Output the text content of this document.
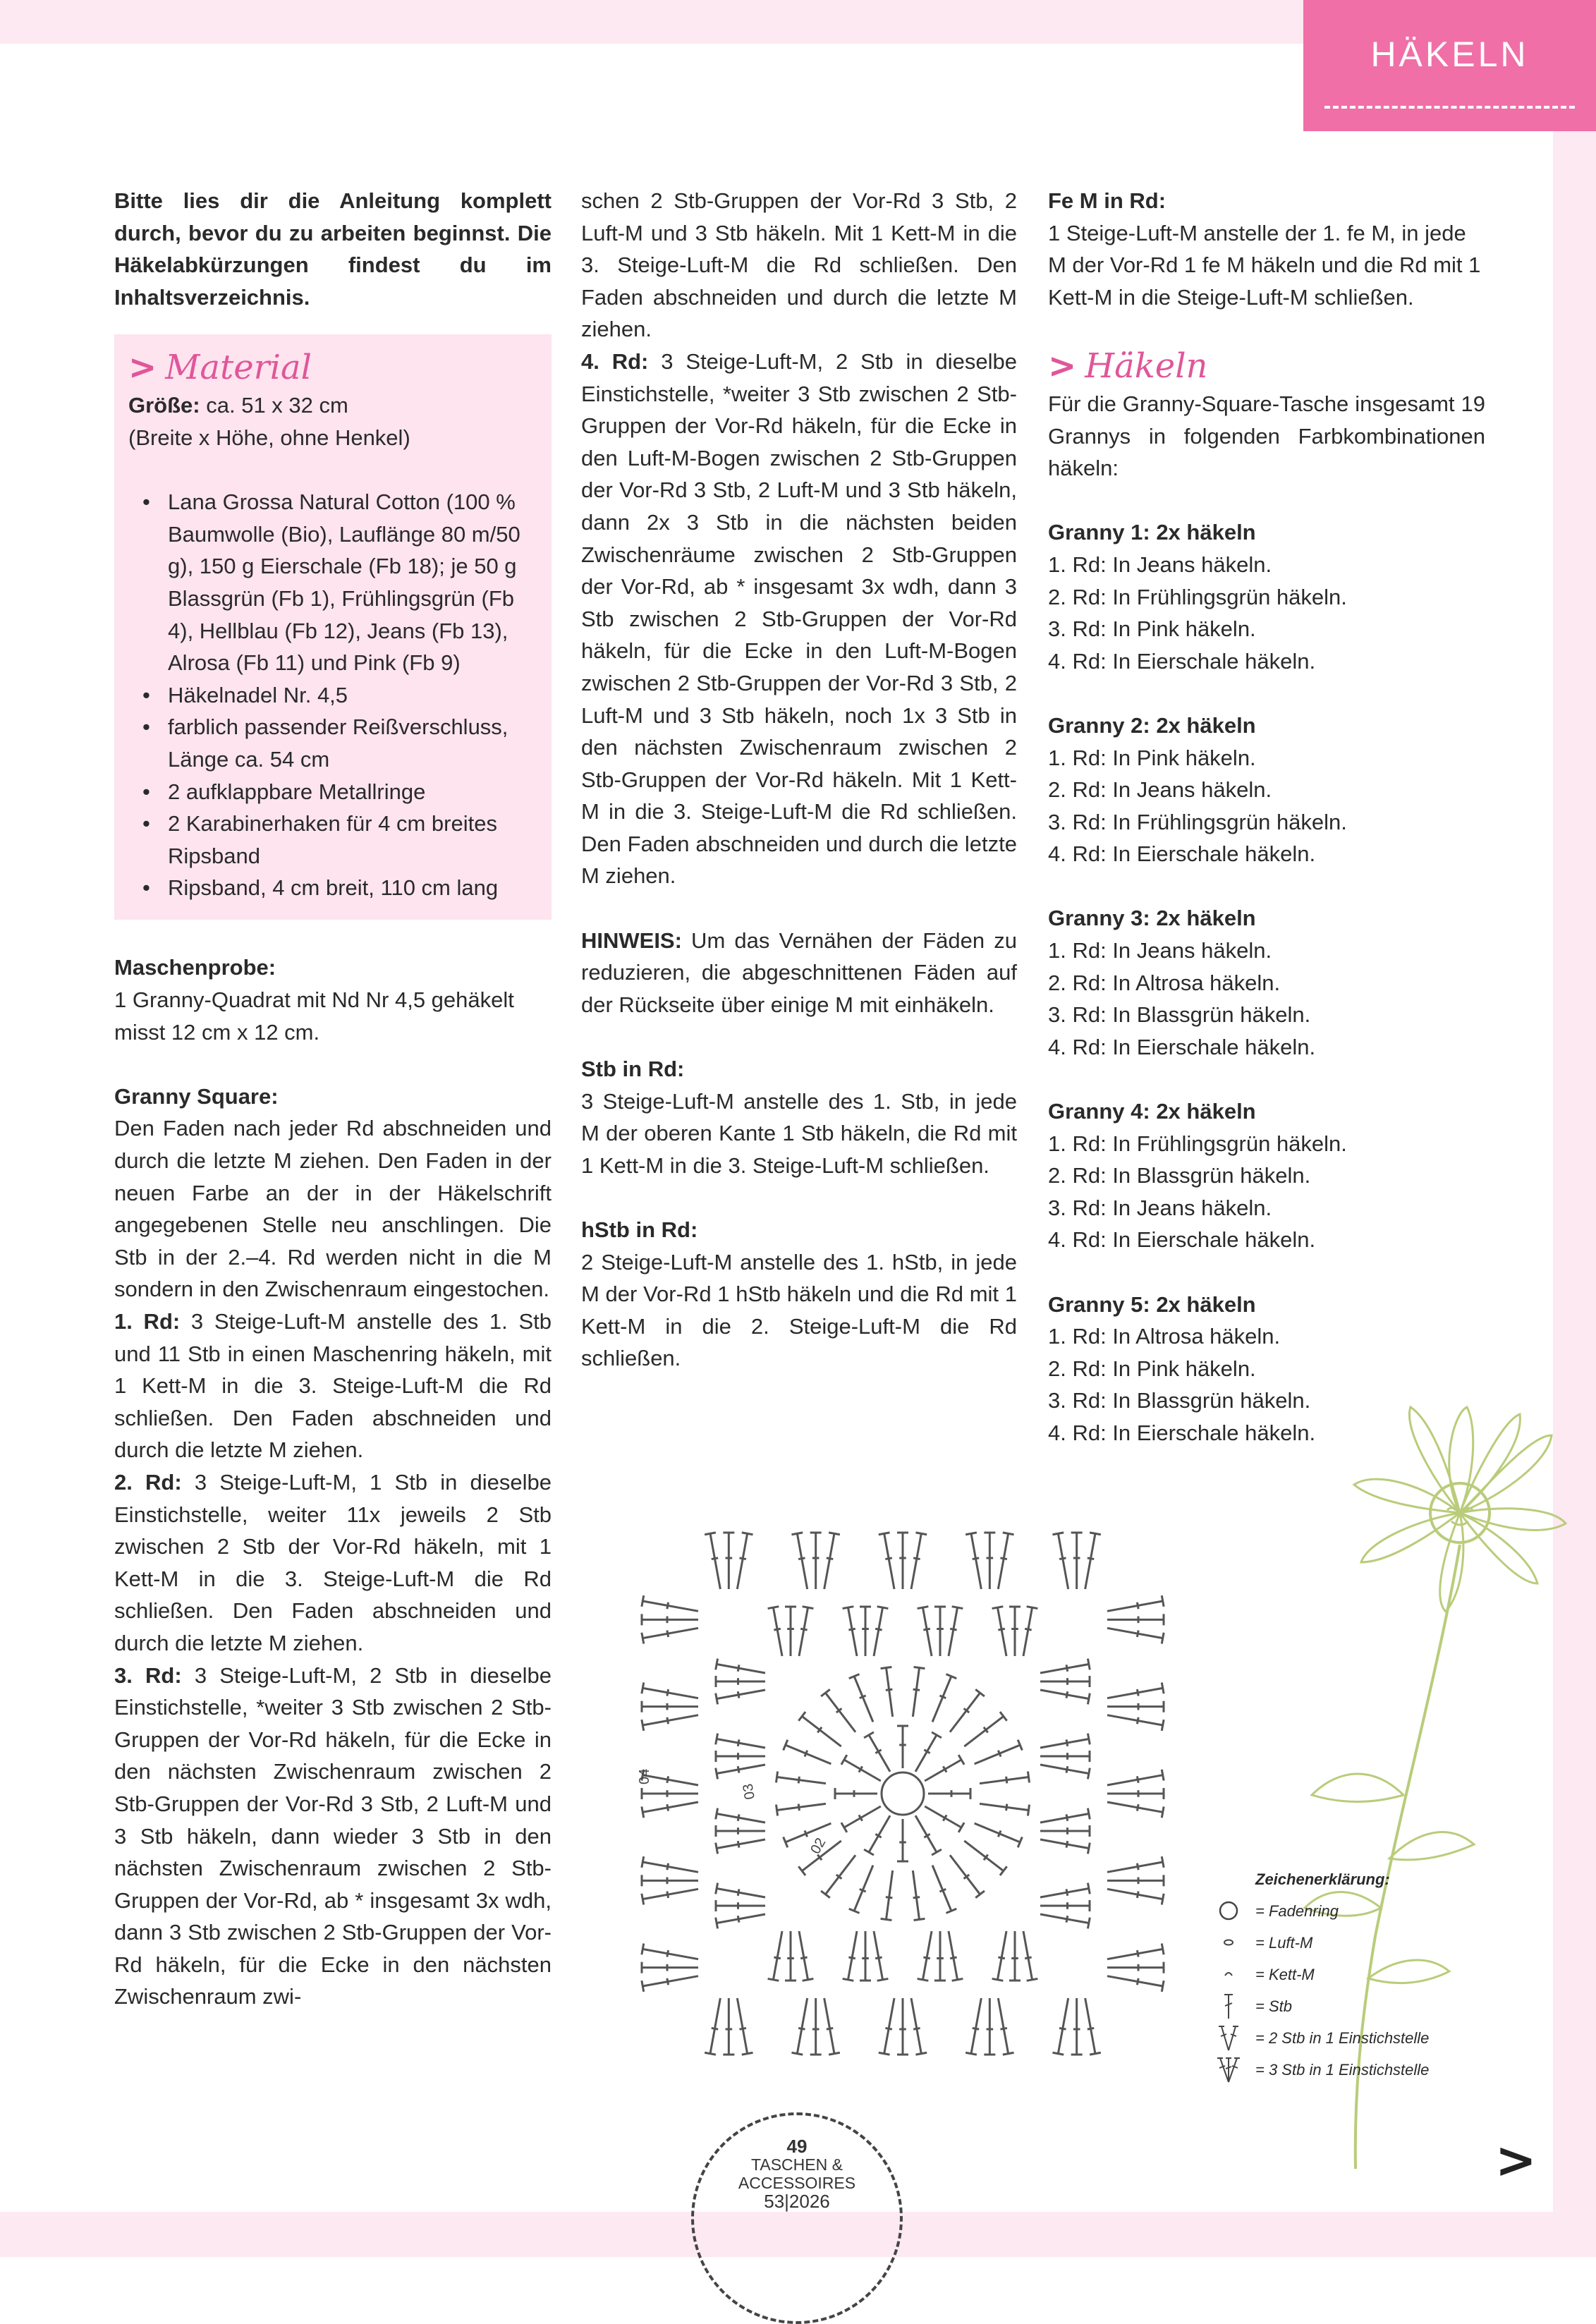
HÄKELN

Bitte lies dir die Anleitung komplett durch, bevor du zu arbeiten beginnst. Die Häkelabkürzungen findest du im Inhaltsverzeichnis.

> Material

Größe: ca. 51 x 32 cm

(Breite x Höhe, ohne Henkel)

• Lana Grossa Natural Cotton (100 % Baumwolle (Bio), Lauflänge 80 m/50 g), 150 g Eierschale (Fb 18); je 50 g Blassgrün (Fb 1), Frühlingsgrün (Fb 4), Hellblau (Fb 12), Jeans (Fb 13), Alrosa (Fb 11) und Pink (Fb 9)
• Häkelnadel Nr. 4,5
• farblich passender Reißverschluss, Länge ca. 54 cm
• 2 aufklappbare Metallringe
• 2 Karabinerhaken für 4 cm breites Ripsband
• Ripsband, 4 cm breit, 110 cm lang

Maschenprobe:

1 Granny-Quadrat mit Nd Nr 4,5 gehäkelt misst 12 cm x 12 cm.

Granny Square:

Den Faden nach jeder Rd abschneiden und durch die letzte M ziehen. Den Faden in der neuen Farbe an der in der Häkelschrift angegebenen Stelle neu anschlingen. Die Stb in der 2.–4. Rd werden nicht in die M sondern in den Zwischenraum eingestochen.

1. Rd: 3 Steige-Luft-M anstelle des 1. Stb und 11 Stb in einen Maschenring häkeln, mit 1 Kett-M in die 3. Steige-Luft-M die Rd schließen. Den Faden abschneiden und durch die letzte M ziehen.

2. Rd: 3 Steige-Luft-M, 1 Stb in dieselbe Einstichstelle, weiter 11x jeweils 2 Stb zwischen 2 Stb der Vor-Rd häkeln, mit 1 Kett-M in die 3. Steige-Luft-M die Rd schließen. Den Faden abschneiden und durch die letzte M ziehen.

3. Rd: 3 Steige-Luft-M, 2 Stb in dieselbe Einstichstelle, *weiter 3 Stb zwischen 2 Stb-Gruppen der Vor-Rd häkeln, für die Ecke in den nächsten Zwischenraum zwischen 2 Stb-Gruppen der Vor-Rd 3 Stb, 2 Luft-M und 3 Stb häkeln, dann wieder 3 Stb in den nächsten Zwischenraum zwischen 2 Stb-Gruppen der Vor-Rd, ab * insgesamt 3x wdh, dann 3 Stb zwischen 2 Stb-Gruppen der Vor-Rd häkeln, für die Ecke in den nächsten Zwischenraum zwi-

schen 2 Stb-Gruppen der Vor-Rd 3 Stb, 2 Luft-M und 3 Stb häkeln. Mit 1 Kett-M in die 3. Steige-Luft-M die Rd schließen. Den Faden abschneiden und durch die letzte M ziehen.

4. Rd: 3 Steige-Luft-M, 2 Stb in dieselbe Einstichstelle, *weiter 3 Stb zwischen 2 Stb-Gruppen der Vor-Rd häkeln, für die Ecke in den Luft-M-Bogen zwischen 2 Stb-Gruppen der Vor-Rd 3 Stb, 2 Luft-M und 3 Stb häkeln, dann 2x 3 Stb in die nächsten beiden Zwischenräume zwischen 2 Stb-Gruppen der Vor-Rd, ab * insgesamt 3x wdh, dann 3 Stb zwischen 2 Stb-Gruppen der Vor-Rd häkeln, für die Ecke in den Luft-M-Bogen zwischen 2 Stb-Gruppen der Vor-Rd 3 Stb, 2 Luft-M und 3 Stb häkeln, noch 1x 3 Stb in den nächsten Zwischenraum zwischen 2 Stb-Gruppen der Vor-Rd häkeln. Mit 1 Kett-M in die 3. Steige-Luft-M die Rd schließen. Den Faden abschneiden und durch die letzte M ziehen.

HINWEIS: Um das Vernähen der Fäden zu reduzieren, die abgeschnittenen Fäden auf der Rückseite über einige M mit einhäkeln.

Stb in Rd:

3 Steige-Luft-M anstelle des 1. Stb, in jede M der oberen Kante 1 Stb häkeln, die Rd mit 1 Kett-M in die 3. Steige-Luft-M schließen.

hStb in Rd:

2 Steige-Luft-M anstelle des 1. hStb, in jede M der Vor-Rd 1 hStb häkeln und die Rd mit 1 Kett-M in die 2. Steige-Luft-M die Rd schließen.

Fe M in Rd:

1 Steige-Luft-M anstelle der 1. fe M, in jede M der Vor-Rd 1 fe M häkeln und die Rd mit 1 Kett-M in die Steige-Luft-M schließen.

> Häkeln

Für die Granny-Square-Tasche insgesamt 19 Grannys in folgenden Farbkombinationen häkeln:

Granny 1: 2x häkeln

1. Rd: In Jeans häkeln.

2. Rd: In Frühlingsgrün häkeln.

3. Rd: In Pink häkeln.

4. Rd: In Eierschale häkeln.

Granny 2: 2x häkeln

1. Rd: In Pink häkeln.

2. Rd: In Jeans häkeln.

3. Rd: In Frühlingsgrün häkeln.

4. Rd: In Eierschale häkeln.

Granny 3: 2x häkeln

1. Rd: In Jeans häkeln.

2. Rd: In Altrosa häkeln.

3. Rd: In Blassgrün häkeln.

4. Rd: In Eierschale häkeln.

Granny 4: 2x häkeln

1. Rd: In Frühlingsgrün häkeln.

2. Rd: In Blassgrün häkeln.

3. Rd: In Jeans häkeln.

4. Rd: In Eierschale häkeln.

Granny 5: 2x häkeln

1. Rd: In Altrosa häkeln.

2. Rd: In Pink häkeln.

3. Rd: In Blassgrün häkeln.

4. Rd: In Eierschale häkeln.

02
03
04
Zeichenerklärung:
= Fadenring
= Luft-M
= Kett-M
= Stb
= 2 Stb in 1 Einstichstelle
= 3 Stb in 1 Einstichstelle
49
TASCHEN &
ACCESSOIRES
53|2026
>
